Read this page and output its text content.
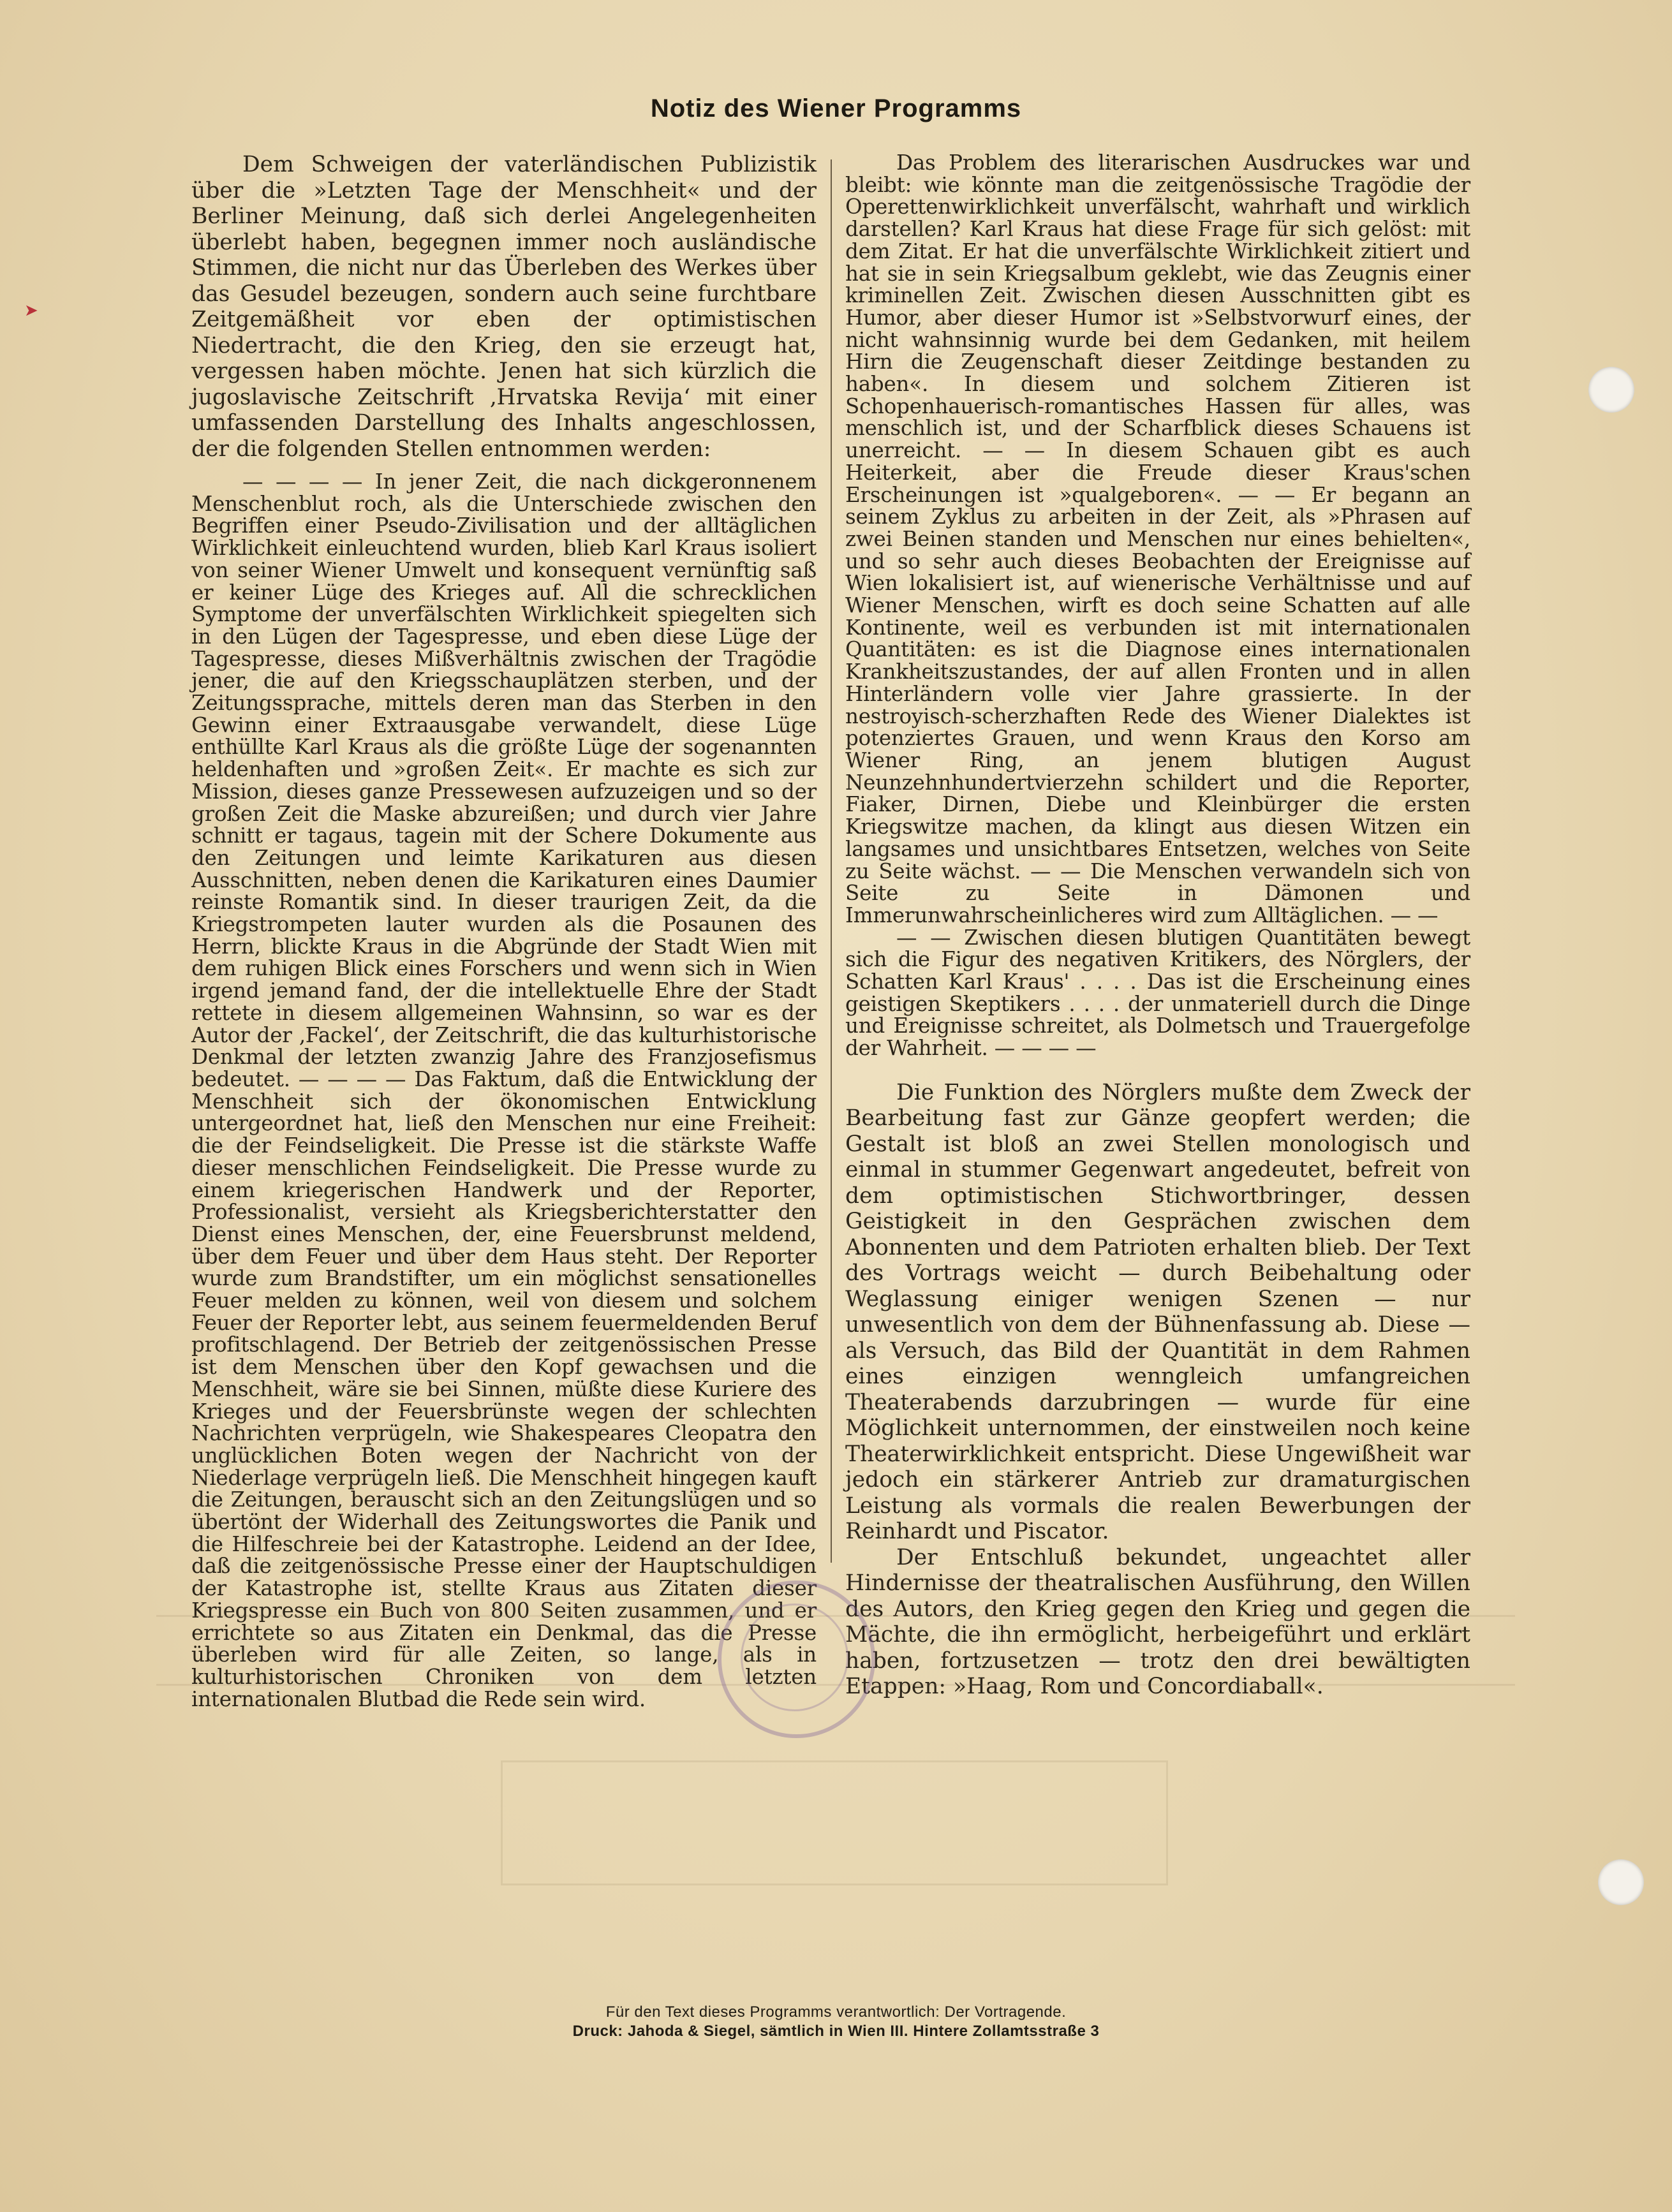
➤
Notiz des Wiener Programms

Dem Schweigen der vaterländischen Publizistik über die »Letzten Tage der Menschheit« und der Berliner Meinung, daß sich derlei Angelegenheiten überlebt haben, begegnen immer noch ausländische Stimmen, die nicht nur das Überleben des Werkes über das Gesudel bezeugen, sondern auch seine furchtbare Zeitgemäßheit vor eben der optimistischen Niedertracht, die den Krieg, den sie erzeugt hat, vergessen haben möchte. Jenen hat sich kürzlich die jugoslavische Zeitschrift ‚Hrvatska Revija‘ mit einer umfassenden Darstellung des Inhalts angeschlossen, der die folgenden Stellen entnommen werden:

— — — — In jener Zeit, die nach dickgeronnenem Menschenblut roch, als die Unterschiede zwischen den Begriffen einer Pseudo-Zivilisation und der alltäglichen Wirklichkeit einleuchtend wurden, blieb Karl Kraus isoliert von seiner Wiener Umwelt und konsequent vernünftig saß er keiner Lüge des Krieges auf. All die schrecklichen Symptome der unverfälschten Wirklichkeit spiegelten sich in den Lügen der Tagespresse, und eben diese Lüge der Tagespresse, dieses Mißverhältnis zwischen der Tragödie jener, die auf den Kriegsschauplätzen sterben, und der Zeitungssprache, mittels deren man das Sterben in den Gewinn einer Extraausgabe verwandelt, diese Lüge enthüllte Karl Kraus als die größte Lüge der sogenannten heldenhaften und »großen Zeit«. Er machte es sich zur Mission, dieses ganze Pressewesen aufzuzeigen und so der großen Zeit die Maske abzureißen; und durch vier Jahre schnitt er tagaus, tagein mit der Schere Dokumente aus den Zeitungen und leimte Karikaturen aus diesen Ausschnitten, neben denen die Karikaturen eines Daumier reinste Romantik sind. In dieser traurigen Zeit, da die Kriegstrompeten lauter wurden als die Posaunen des Herrn, blickte Kraus in die Abgründe der Stadt Wien mit dem ruhigen Blick eines Forschers und wenn sich in Wien irgend jemand fand, der die intellektuelle Ehre der Stadt rettete in diesem allgemeinen Wahnsinn, so war es der Autor der ‚Fackel‘, der Zeitschrift, die das kulturhistorische Denkmal der letzten zwanzig Jahre des Franzjosefismus bedeutet. — — — — Das Faktum, daß die Entwicklung der Menschheit sich der ökonomischen Entwicklung untergeordnet hat, ließ den Menschen nur eine Freiheit: die der Feindseligkeit. Die Presse ist die stärkste Waffe dieser menschlichen Feindseligkeit. Die Presse wurde zu einem kriegerischen Handwerk und der Reporter, Professionalist, versieht als Kriegsberichterstatter den Dienst eines Menschen, der, eine Feuersbrunst meldend, über dem Feuer und über dem Haus steht. Der Reporter wurde zum Brandstifter, um ein möglichst sensationelles Feuer melden zu können, weil von diesem und solchem Feuer der Reporter lebt, aus seinem feuermeldenden Beruf profitschlagend. Der Betrieb der zeitgenössischen Presse ist dem Menschen über den Kopf gewachsen und die Menschheit, wäre sie bei Sinnen, müßte diese Kuriere des Krieges und der Feuersbrünste wegen der schlechten Nachrichten verprügeln, wie Shakespeares Cleopatra den unglücklichen Boten wegen der Nachricht von der Niederlage verprügeln ließ. Die Menschheit hingegen kauft die Zeitungen, berauscht sich an den Zeitungslügen und so übertönt der Widerhall des Zeitungswortes die Panik und die Hilfeschreie bei der Katastrophe. Leidend an der Idee, daß die zeitgenössische Presse einer der Hauptschuldigen der Katastrophe ist, stellte Kraus aus Zitaten dieser Kriegspresse ein Buch von 800 Seiten zusammen, und er errichtete so aus Zitaten ein Denkmal, das die Presse überleben wird für alle Zeiten, so lange, als in kulturhistorischen Chroniken von dem letzten internationalen Blutbad die Rede sein wird.

Das Problem des literarischen Ausdruckes war und bleibt: wie könnte man die zeitgenössische Tragödie der Operettenwirklichkeit unverfälscht, wahrhaft und wirklich darstellen? Karl Kraus hat diese Frage für sich gelöst: mit dem Zitat. Er hat die unverfälschte Wirklichkeit zitiert und hat sie in sein Kriegsalbum geklebt, wie das Zeugnis einer kriminellen Zeit. Zwischen diesen Ausschnitten gibt es Humor, aber dieser Humor ist »Selbstvorwurf eines, der nicht wahnsinnig wurde bei dem Gedanken, mit heilem Hirn die Zeugenschaft dieser Zeitdinge bestanden zu haben«. In diesem und solchem Zitieren ist Schopenhauerisch-romantisches Hassen für alles, was menschlich ist, und der Scharfblick dieses Schauens ist unerreicht. — — In diesem Schauen gibt es auch Heiterkeit, aber die Freude dieser Kraus'schen Erscheinungen ist »qualgeboren«. — — Er begann an seinem Zyklus zu arbeiten in der Zeit, als »Phrasen auf zwei Beinen standen und Menschen nur eines behielten«, und so sehr auch dieses Beobachten der Ereignisse auf Wien lokalisiert ist, auf wienerische Verhältnisse und auf Wiener Menschen, wirft es doch seine Schatten auf alle Kontinente, weil es verbunden ist mit internationalen Quantitäten: es ist die Diagnose eines internationalen Krankheitszustandes, der auf allen Fronten und in allen Hinterländern volle vier Jahre grassierte. In der nestroyisch-scherzhaften Rede des Wiener Dialektes ist potenziertes Grauen, und wenn Kraus den Korso am Wiener Ring, an jenem blutigen August Neunzehnhundertvierzehn schildert und die Reporter, Fiaker, Dirnen, Diebe und Kleinbürger die ersten Kriegswitze machen, da klingt aus diesen Witzen ein langsames und unsichtbares Entsetzen, welches von Seite zu Seite wächst. — — Die Menschen verwandeln sich von Seite zu Seite in Dämonen und Immerunwahrscheinlicheres wird zum Alltäglichen. — —

— — Zwischen diesen blutigen Quantitäten bewegt sich die Figur des negativen Kritikers, des Nörglers, der Schatten Karl Kraus' . . . . Das ist die Erscheinung eines geistigen Skeptikers . . . . der unmateriell durch die Dinge und Ereignisse schreitet, als Dolmetsch und Trauergefolge der Wahrheit. — — — —

Die Funktion des Nörglers mußte dem Zweck der Bearbeitung fast zur Gänze geopfert werden; die Gestalt ist bloß an zwei Stellen monologisch und einmal in stummer Gegenwart angedeutet, befreit von dem optimistischen Stichwortbringer, dessen Geistigkeit in den Gesprächen zwischen dem Abonnenten und dem Patrioten erhalten blieb. Der Text des Vortrags weicht — durch Beibehaltung oder Weglassung einiger wenigen Szenen — nur unwesentlich von dem der Bühnenfassung ab. Diese — als Versuch, das Bild der Quantität in dem Rahmen eines einzigen wenngleich umfangreichen Theaterabends darzubringen — wurde für eine Möglichkeit unternommen, der einstweilen noch keine Theaterwirklichkeit entspricht. Diese Ungewißheit war jedoch ein stärkerer Antrieb zur dramaturgischen Leistung als vormals die realen Bewerbungen der Reinhardt und Piscator.

Der Entschluß bekundet, ungeachtet aller Hindernisse der theatralischen Ausführung, den Willen des Autors, den Krieg gegen den Krieg und gegen die Mächte, die ihn ermöglicht, herbeigeführt und erklärt haben, fortzusetzen — trotz den drei bewältigten Etappen: »Haag, Rom und Concordiaball«.

Für den Text dieses Programms verantwortlich: Der Vortragende.
Druck: Jahoda & Siegel, sämtlich in Wien III. Hintere Zollamtsstraße 3
